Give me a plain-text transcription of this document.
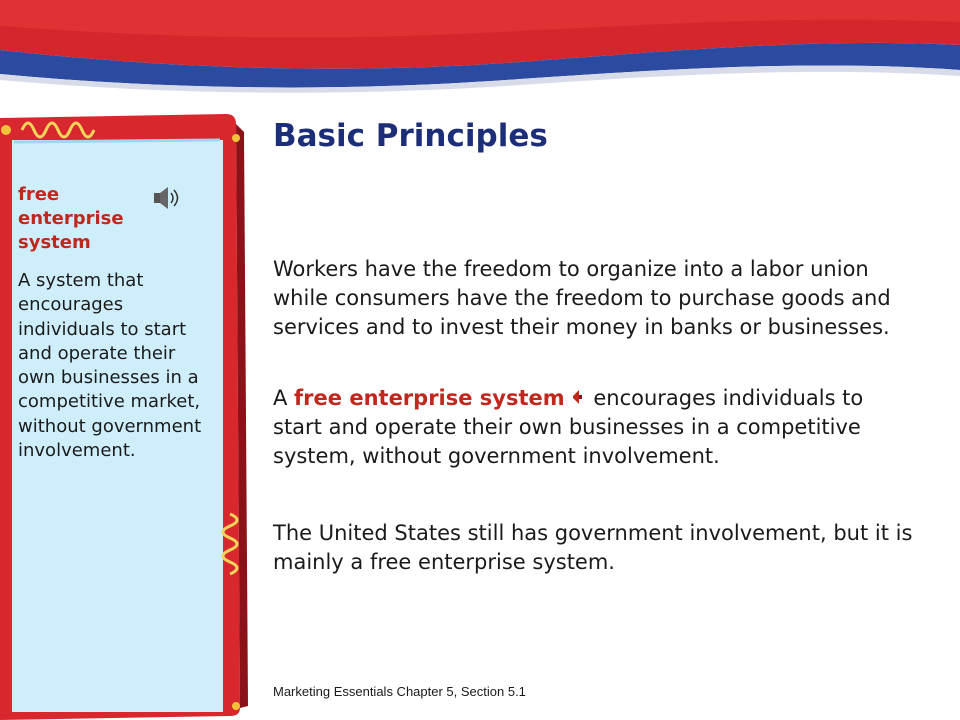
free enterprise system
A system that encourages individuals to start and operate their own businesses in a competitive market, without government involvement.
Basic Principles

Workers have the freedom to organize into a labor union while consumers have the freedom to purchase goods and services and to invest their money in banks or businesses.

A free enterprise system encourages individuals to start and operate their own businesses in a competitive system, without government involvement.

The United States still has government involvement, but it is mainly a free enterprise system.

Marketing Essentials Chapter 5, Section 5.1
